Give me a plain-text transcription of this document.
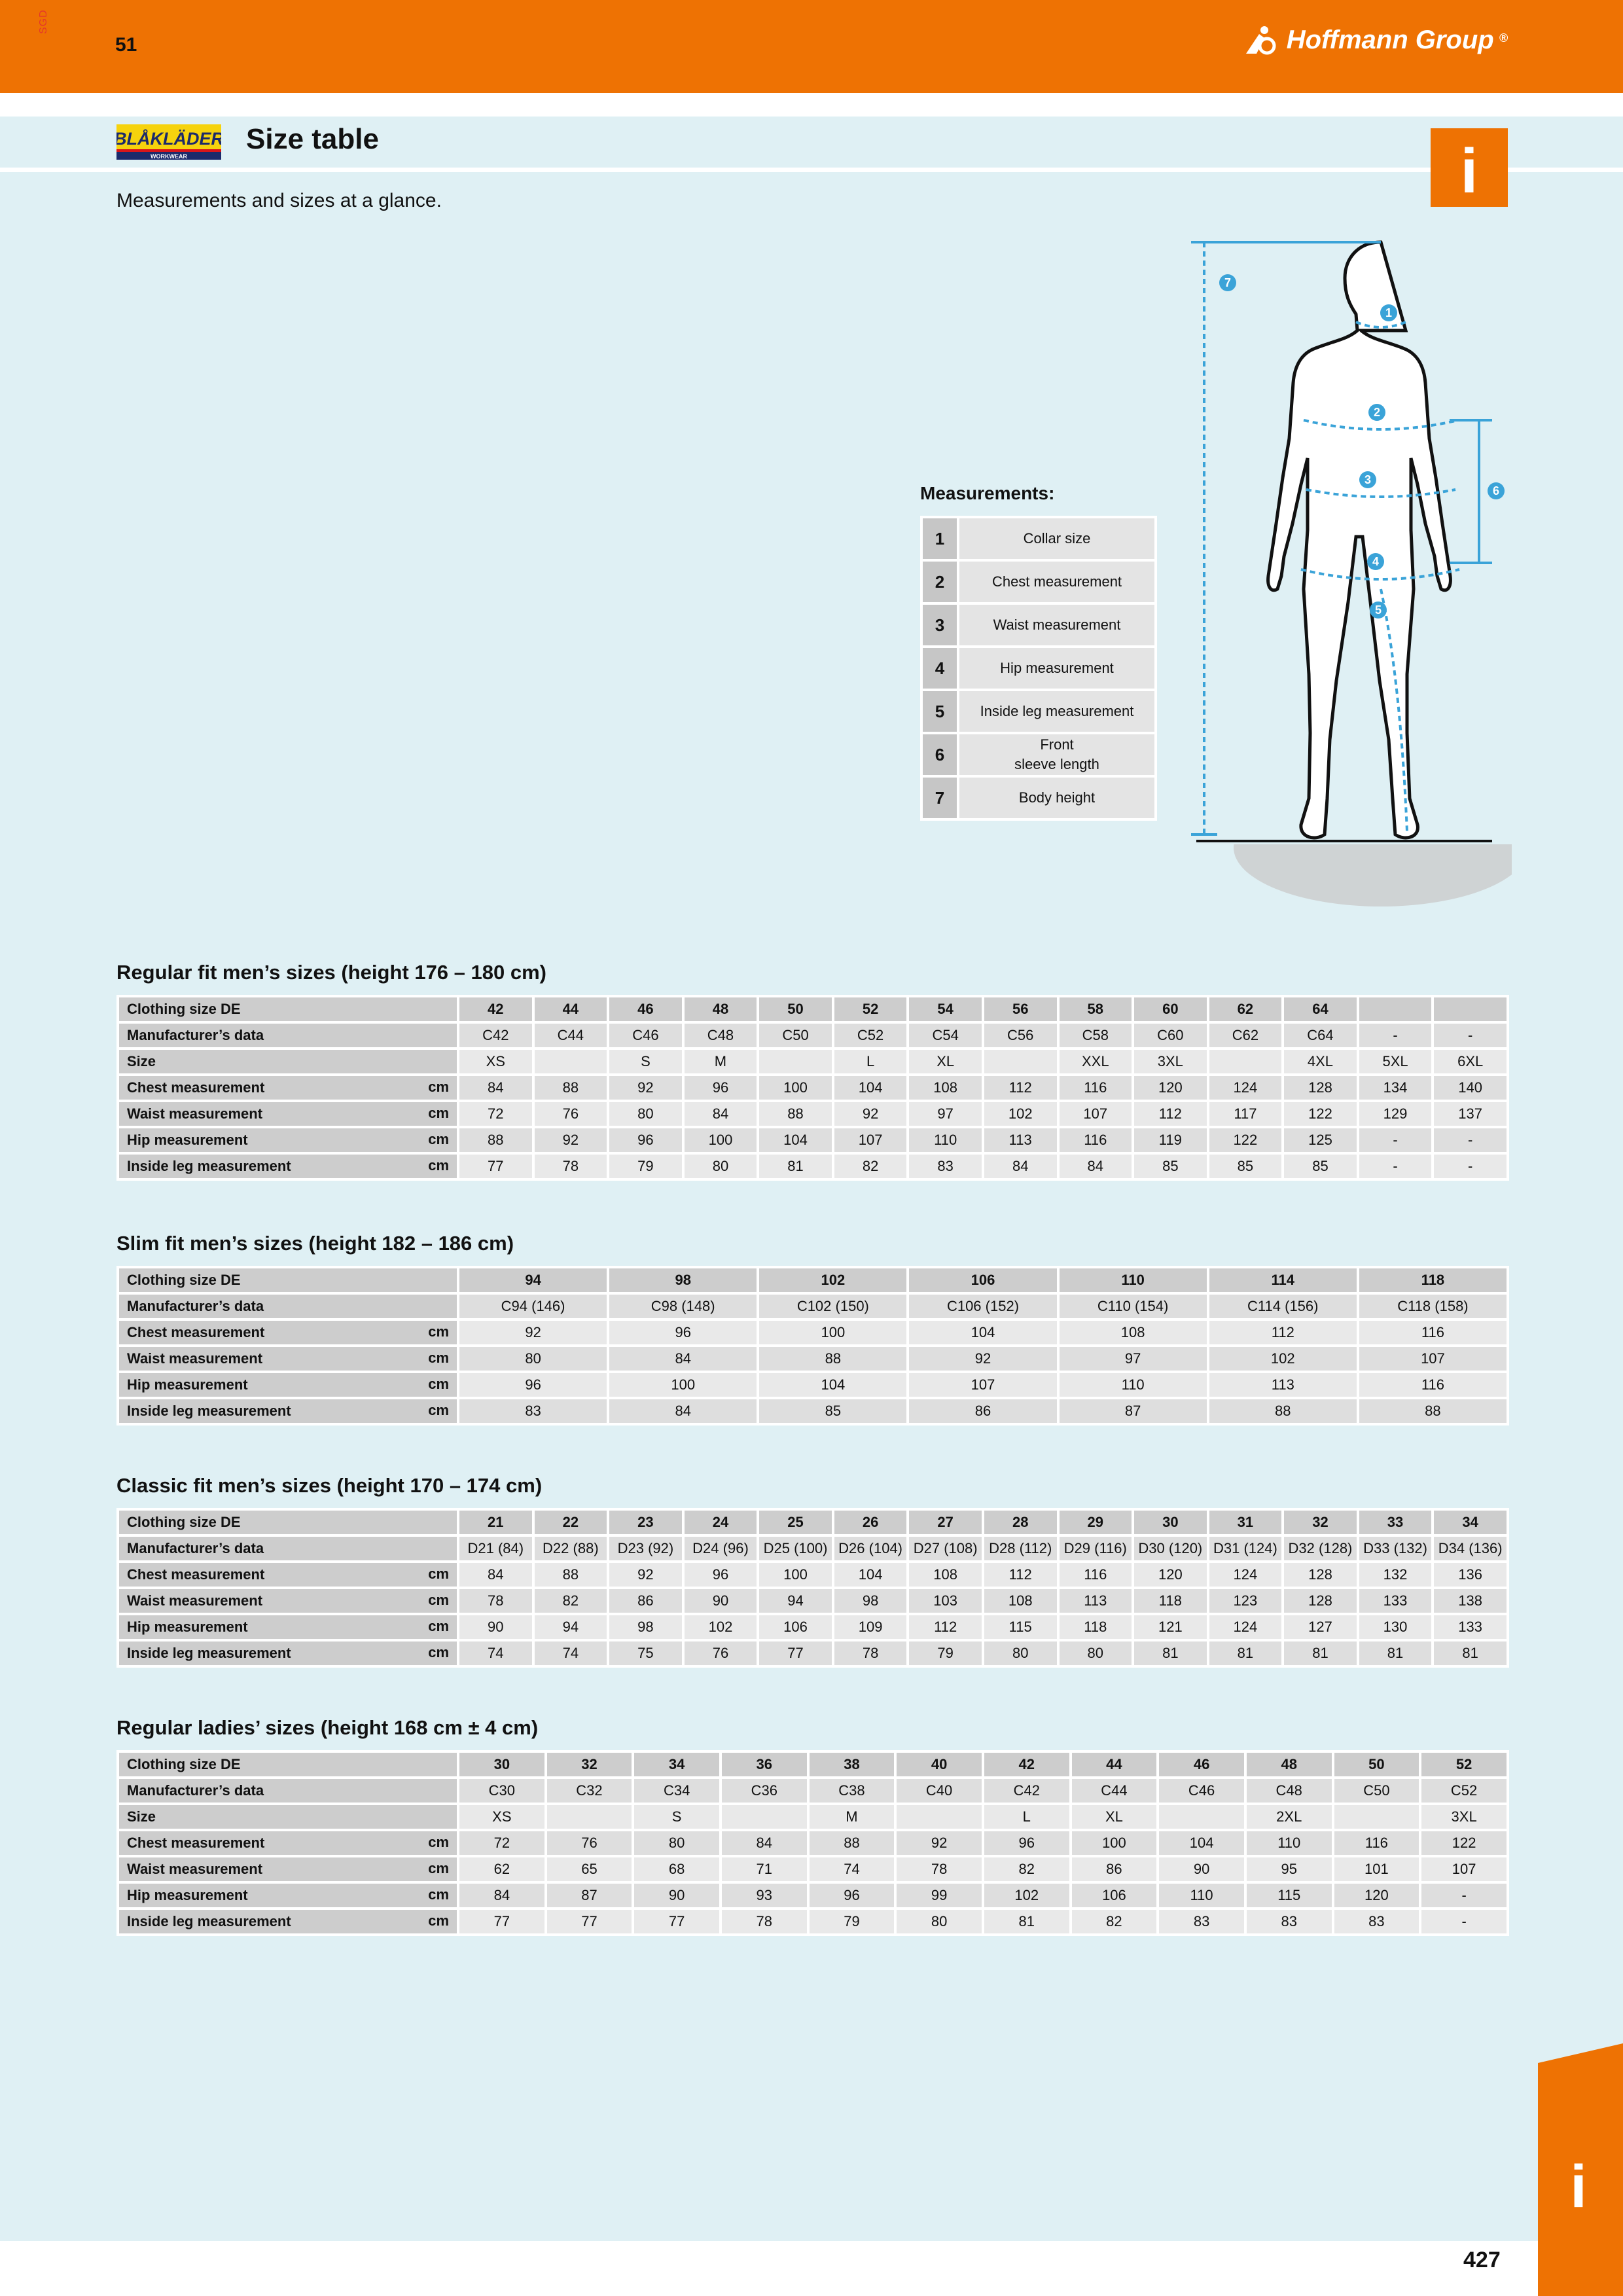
SGD
51	Hoffmann Group ®
BLÅKLÄDER
WORKWEAR
Size table	i
Measurements and sizes at a glance.
Measurements:
1	Collar size
2	Chest measurement
3	Waist measurement
4	Hip measurement
5	Inside leg measurement
6	Front
sleeve length
7	Body height
1
2
3
4
5
6
7
Regular fit men’s sizes (height 176 – 180 cm)
Clothing size DE	42	44	46	48	50	52	54	56	58	60	62	64		
Manufacturer’s data	C42	C44	C46	C48	C50	C52	C54	C56	C58	C60	C62	C64	-	-
Size	XS		S	M		L	XL		XXL	3XL		4XL	5XL	6XL
Chest measurement cm	84	88	92	96	100	104	108	112	116	120	124	128	134	140
Waist measurement cm	72	76	80	84	88	92	97	102	107	112	117	122	129	137
Hip measurement cm	88	92	96	100	104	107	110	113	116	119	122	125	-	-
Inside leg measurement cm	77	78	79	80	81	82	83	84	84	85	85	85	-	-
Slim fit men’s sizes (height 182 – 186 cm)
Clothing size DE	94	98	102	106	110	114	118
Manufacturer’s data	C94 (146)	C98 (148)	C102 (150)	C106 (152)	C110 (154)	C114 (156)	C118 (158)
Chest measurement cm	92	96	100	104	108	112	116
Waist measurement cm	80	84	88	92	97	102	107
Hip measurement cm	96	100	104	107	110	113	116
Inside leg measurement cm	83	84	85	86	87	88	88
Classic fit men’s sizes (height 170 – 174 cm)
Clothing size DE	21	22	23	24	25	26	27	28	29	30	31	32	33	34
Manufacturer’s data	D21 (84)	D22 (88)	D23 (92)	D24 (96)	D25 (100)	D26 (104)	D27 (108)	D28 (112)	D29 (116)	D30 (120)	D31 (124)	D32 (128)	D33 (132)	D34 (136)
Chest measurement cm	84	88	92	96	100	104	108	112	116	120	124	128	132	136
Waist measurement cm	78	82	86	90	94	98	103	108	113	118	123	128	133	138
Hip measurement cm	90	94	98	102	106	109	112	115	118	121	124	127	130	133
Inside leg measurement cm	74	74	75	76	77	78	79	80	80	81	81	81	81	81
Regular ladies’ sizes (height 168 cm ± 4 cm)
Clothing size DE	30	32	34	36	38	40	42	44	46	48	50	52
Manufacturer’s data	C30	C32	C34	C36	C38	C40	C42	C44	C46	C48	C50	C52
Size	XS		S		M		L	XL		2XL		3XL
Chest measurement cm	72	76	80	84	88	92	96	100	104	110	116	122
Waist measurement cm	62	65	68	71	74	78	82	86	90	95	101	107
Hip measurement cm	84	87	90	93	96	99	102	106	110	115	120	-
Inside leg measurement cm	77	77	77	78	79	80	81	82	83	83	83	-
427
i
